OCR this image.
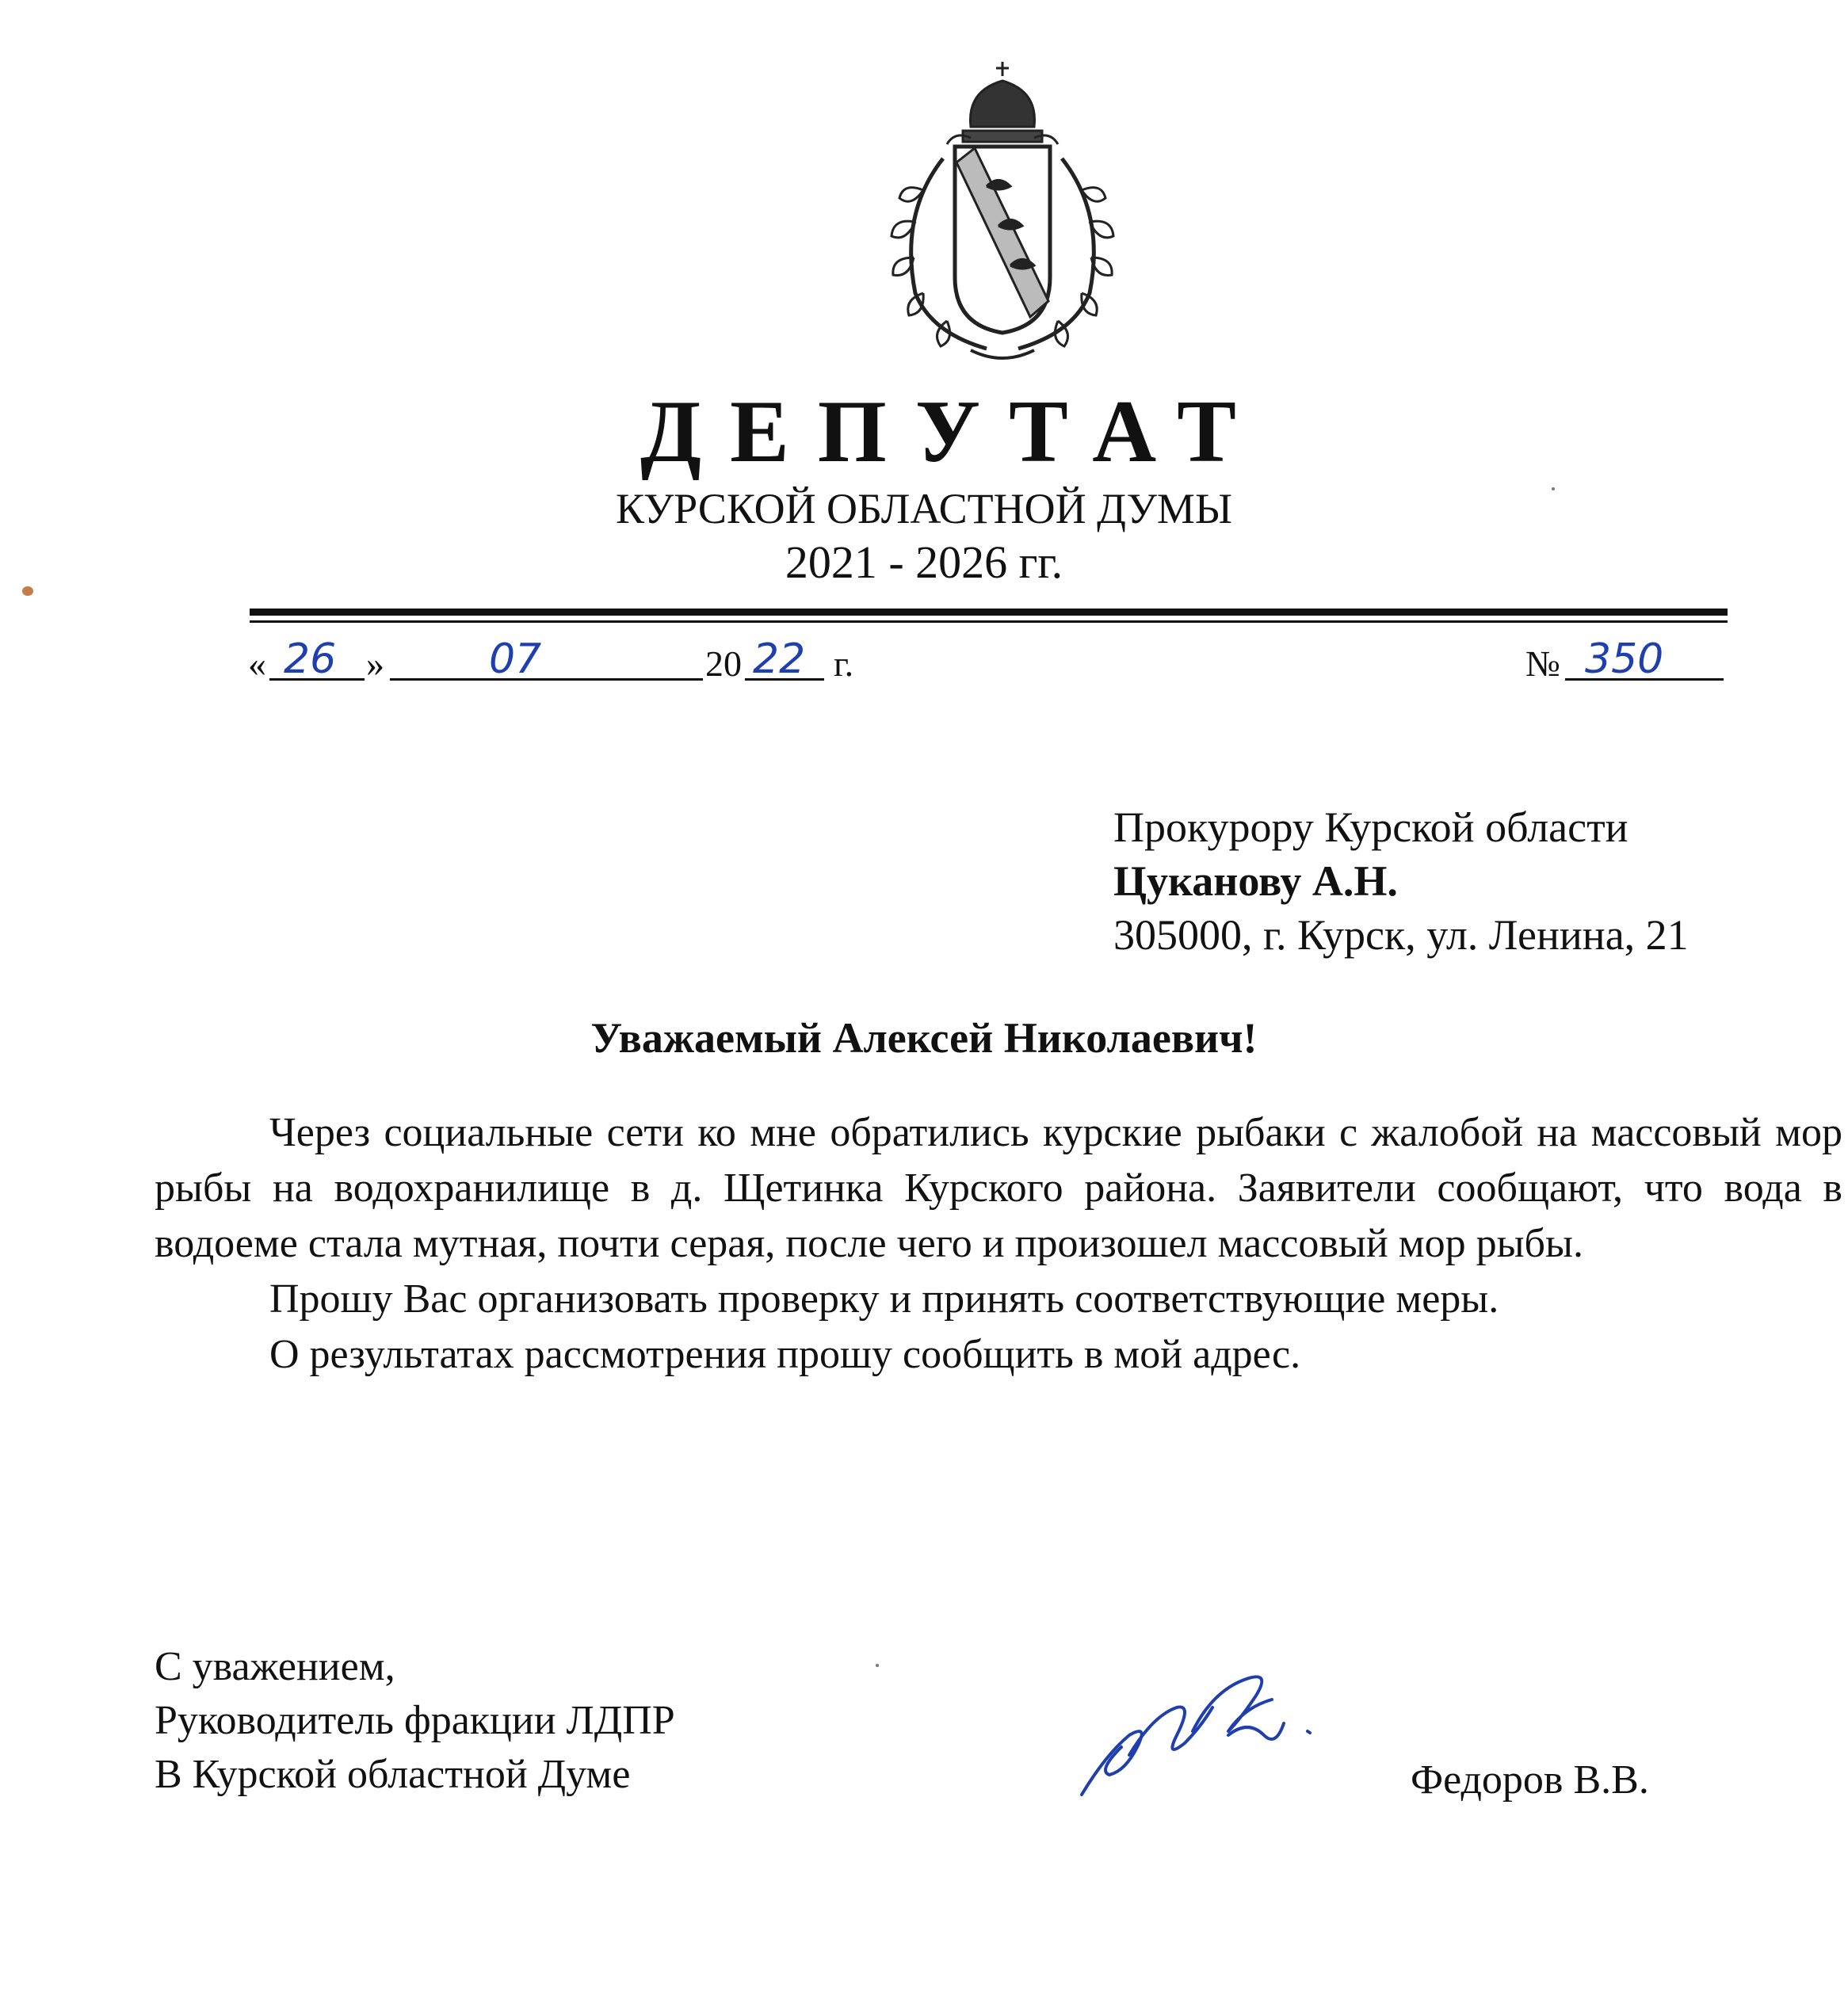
ДЕПУТАТ
КУРСКОЙ ОБЛАСТНОЙ ДУМЫ
2021 - 2026 гг.
« 26 »	07	20 22 г.	№ 350
Прокурору Курской области
Цуканову А.Н.
305000, г. Курск, ул. Ленина, 21
Уважаемый Алексей Николаевич!

Через социальные сети ко мне обратились курские рыбаки с жалобой на массовый мор рыбы на водохранилище в д. Щетинка Курского района. Заявители сообщают, что вода в водоеме стала мутная, почти серая, после чего и произошел массовый мор рыбы.

Прошу Вас организовать проверку и принять соответствующие меры.

О результатах рассмотрения прошу сообщить в мой адрес.

С уважением,
Руководитель фракции ЛДПР
В Курской областной Думе	Федоров В.В.
